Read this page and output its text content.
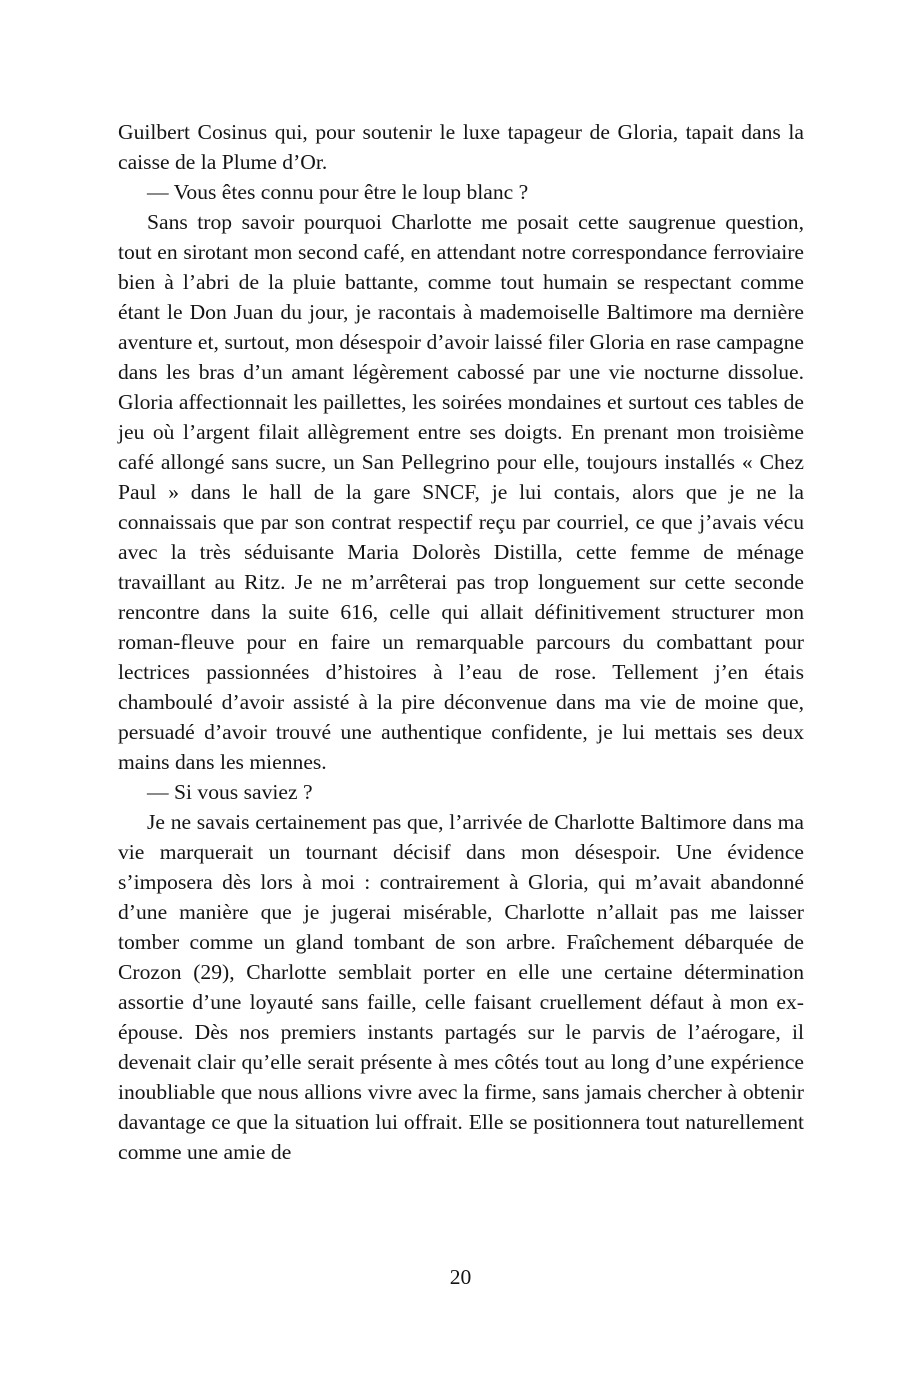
Guilbert Cosinus qui, pour soutenir le luxe tapageur de Gloria, tapait dans la caisse de la Plume d’Or.

— Vous êtes connu pour être le loup blanc ?

Sans trop savoir pourquoi Charlotte me posait cette saugrenue question, tout en sirotant mon second café, en attendant notre correspondance ferroviaire bien à l’abri de la pluie battante, comme tout humain se respectant comme étant le Don Juan du jour, je racontais à mademoiselle Baltimore ma dernière aventure et, surtout, mon désespoir d’avoir laissé filer Gloria en rase campagne dans les bras d’un amant légèrement cabossé par une vie nocturne dissolue. Gloria affectionnait les paillettes, les soirées mondaines et surtout ces tables de jeu où l’argent filait allègrement entre ses doigts. En prenant mon troisième café allongé sans sucre, un San Pellegrino pour elle, toujours installés « Chez Paul » dans le hall de la gare SNCF, je lui contais, alors que je ne la connaissais que par son contrat respectif reçu par courriel, ce que j’avais vécu avec la très séduisante Maria Dolorès Distilla, cette femme de ménage travaillant au Ritz. Je ne m’arrêterai pas trop longuement sur cette seconde rencontre dans la suite 616, celle qui allait définitivement structurer mon roman-fleuve pour en faire un remarquable parcours du combattant pour lectrices passionnées d’histoires à l’eau de rose. Tellement j’en étais chamboulé d’avoir assisté à la pire déconvenue dans ma vie de moine que, persuadé d’avoir trouvé une authentique confidente, je lui mettais ses deux mains dans les miennes.

— Si vous saviez ?

Je ne savais certainement pas que, l’arrivée de Charlotte Baltimore dans ma vie marquerait un tournant décisif dans mon désespoir. Une évidence s’imposera dès lors à moi : contrairement à Gloria, qui m’avait abandonné d’une manière que je jugerai misérable, Charlotte n’allait pas me laisser tomber comme un gland tombant de son arbre. Fraîchement débarquée de Crozon (29), Charlotte semblait porter en elle une certaine détermination assortie d’une loyauté sans faille, celle faisant cruellement défaut à mon ex-épouse. Dès nos premiers instants partagés sur le parvis de l’aérogare, il devenait clair qu’elle serait présente à mes côtés tout au long d’une expérience inoubliable que nous allions vivre avec la firme, sans jamais chercher à obtenir davantage ce que la situation lui offrait. Elle se positionnera tout naturellement comme une amie de

20
